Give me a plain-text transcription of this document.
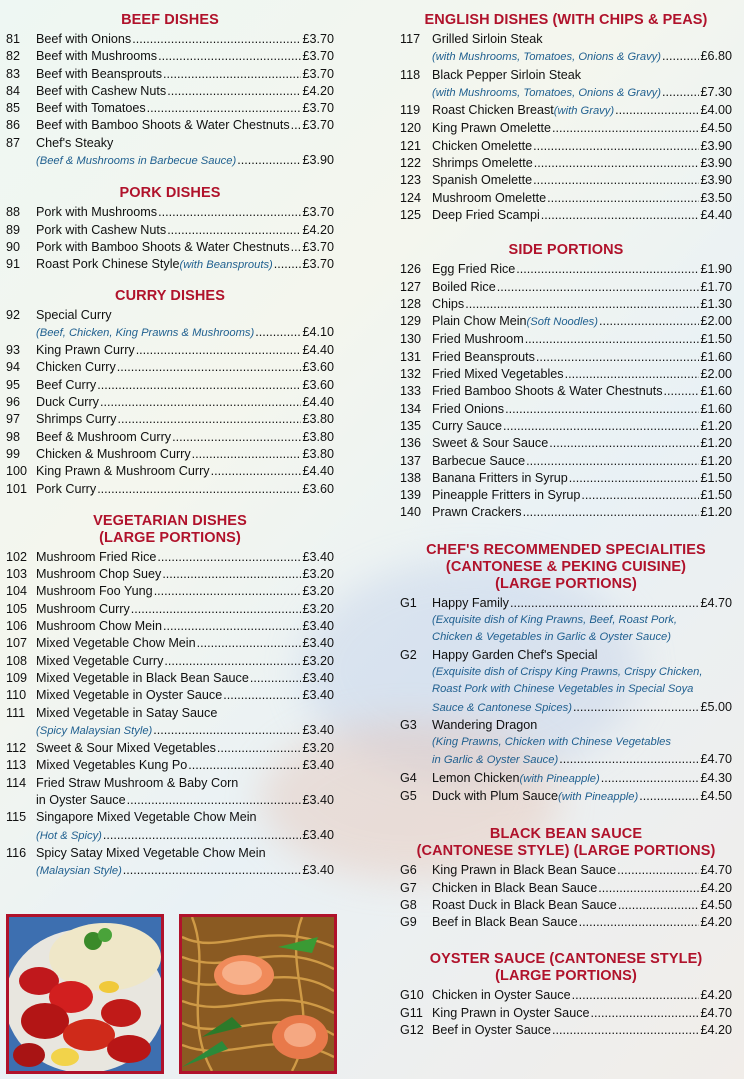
BEEF DISHES
81	Beef with Onions .....	£3.70
82	Beef with Mushrooms .....	£3.70
83	Beef with Beansprouts .....	£3.70
84	Beef with Cashew Nuts .....	£4.20
85	Beef with Tomatoes .....	£3.70
86	Beef with Bamboo Shoots & Water Chestnuts ..... £3.70
87	Chef's Steaky
(Beef & Mushrooms in Barbecue Sauce) .....	£3.90
PORK DISHES
88	Pork with Mushrooms .....	£3.70
89	Pork with Cashew Nuts .....	£4.20
90	Pork with Bamboo Shoots & Water Chestnuts ..... £3.70
91	Roast Pork Chinese Style (with Beansprouts) ..... £3.70
CURRY DISHES
92	Special Curry
(Beef, Chicken, King Prawns & Mushrooms) .....	£4.10
93	King Prawn Curry .....	£4.40
94	Chicken Curry .....	£3.60
95	Beef Curry .....	£3.60
96	Duck Curry .....	£4.40
97	Shrimps Curry .....	£3.80
98	Beef & Mushroom Curry .....	£3.80
99	Chicken & Mushroom Curry .....	£3.80
100 King Prawn & Mushroom Curry .....	£4.40
101 Pork Curry .....	£3.60
VEGETARIAN DISHES
(LARGE PORTIONS)
102 Mushroom Fried Rice .....	£3.40
103 Mushroom Chop Suey .....	£3.20
104 Mushroom Foo Yung .....	£3.20
105 Mushroom Curry .....	£3.20
106 Mushroom Chow Mein .....	£3.40
107 Mixed Vegetable Chow Mein .....	£3.40
108 Mixed Vegetable Curry .....	£3.20
109 Mixed Vegetable in Black Bean Sauce .....	£3.40
110 Mixed Vegetable in Oyster Sauce .....	£3.40
111 Mixed Vegetable in Satay Sauce
(Spicy Malaysian Style) .....	£3.40
112 Sweet & Sour Mixed Vegetables .....	£3.20
113 Mixed Vegetables Kung Po .....	£3.40
114 Fried Straw Mushroom & Baby Corn
in Oyster Sauce .....	£3.40
115 Singapore Mixed Vegetable Chow Mein
(Hot & Spicy) .....	£3.40
116 Spicy Satay Mixed Vegetable Chow Mein
(Malaysian Style) .....	£3.40
ENGLISH DISHES (WITH CHIPS & PEAS)
117 Grilled Sirloin Steak
(with Mushrooms, Tomatoes, Onions & Gravy) .....	£6.80
118 Black Pepper Sirloin Steak
(with Mushrooms, Tomatoes, Onions & Gravy) .....	£7.30
119 Roast Chicken Breast (with Gravy) .....	£4.00
120 King Prawn Omelette .....	£4.50
121 Chicken Omelette .....	£3.90
122 Shrimps Omelette .....	£3.90
123 Spanish Omelette .....	£3.90
124 Mushroom Omelette .....	£3.50
125 Deep Fried Scampi .....	£4.40
SIDE PORTIONS
126 Egg Fried Rice .....	£1.90
127 Boiled Rice .....	£1.70
128 Chips .....	£1.30
129 Plain Chow Mein (Soft Noodles) .....	£2.00
130 Fried Mushroom .....	£1.50
131 Fried Beansprouts .....	£1.60
132 Fried Mixed Vegetables .....	£2.00
133 Fried Bamboo Shoots & Water Chestnuts .....	£1.60
134 Fried Onions .....	£1.60
135 Curry Sauce .....	£1.20
136 Sweet & Sour Sauce .....	£1.20
137 Barbecue Sauce .....	£1.20
138 Banana Fritters in Syrup .....	£1.50
139 Pineapple Fritters in Syrup .....	£1.50
140 Prawn Crackers .....	£1.20
CHEF'S RECOMMENDED SPECIALITIES
(CANTONESE & PEKING CUISINE)
(LARGE PORTIONS)
G1	Happy Family .....	£4.70
(Exquisite dish of King Prawns, Beef, Roast Pork,
Chicken & Vegetables in Garlic & Oyster Sauce)
G2	Happy Garden Chef's Special
(Exquisite dish of Crispy King Prawns, Crispy Chicken,
Roast Pork with Chinese Vegetables in Special Soya
Sauce & Cantonese Spices) .....	£5.00
G3	Wandering Dragon
(King Prawns, Chicken with Chinese Vegetables
in Garlic & Oyster Sauce) .....	£4.70
G4	Lemon Chicken (with Pineapple) .....	£4.30
G5	Duck with Plum Sauce (with Pineapple) .....	£4.50
BLACK BEAN SAUCE
(CANTONESE STYLE) (LARGE PORTIONS)
G6	King Prawn in Black Bean Sauce .....	£4.70
G7	Chicken in Black Bean Sauce .....	£4.20
G8	Roast Duck in Black Bean Sauce .....	£4.50
G9	Beef in Black Bean Sauce .....	£4.20
OYSTER SAUCE (CANTONESE STYLE)
(LARGE PORTIONS)
G10 Chicken in Oyster Sauce .....	£4.20
G11 King Prawn in Oyster Sauce .....	£4.70
G12 Beef in Oyster Sauce .....	£4.20
